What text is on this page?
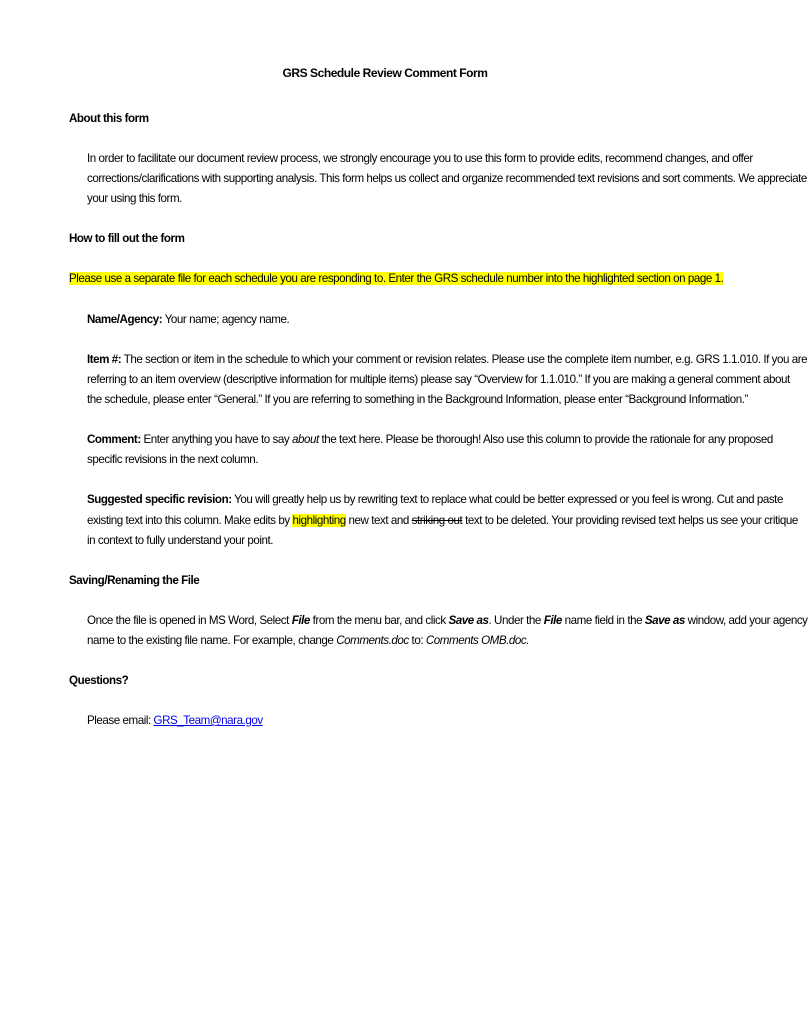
GRS Schedule Review Comment Form
About this form
In order to facilitate our document review process, we strongly encourage you to use this form to provide edits, recommend changes, and offer
corrections/clarifications with supporting analysis. This form helps us collect and organize recommended text revisions and sort comments. We appreciate
your using this form.
How to fill out the form
Please use a separate file for each schedule you are responding to. Enter the GRS schedule number into the highlighted section on page 1.
Name/Agency: Your name; agency name.
Item #: The section or item in the schedule to which your comment or revision relates. Please use the complete item number, e.g. GRS 1.1.010. If you are
referring to an item overview (descriptive information for multiple items) please say “Overview for 1.1.010.” If you are making a general comment about
the schedule, please enter “General.” If you are referring to something in the Background Information, please enter “Background Information.”
Comment: Enter anything you have to say about the text here. Please be thorough! Also use this column to provide the rationale for any proposed
specific revisions in the next column.
Suggested specific revision: You will greatly help us by rewriting text to replace what could be better expressed or you feel is wrong. Cut and paste
existing text into this column. Make edits by highlighting new text and striking out text to be deleted. Your providing revised text helps us see your critique
in context to fully understand your point.
Saving/Renaming the File
Once the file is opened in MS Word, Select File from the menu bar, and click Save as. Under the File name field in the Save as window, add your agency
name to the existing file name. For example, change Comments.doc to: Comments OMB.doc.
Questions?
Please email: GRS_Team@nara.gov
